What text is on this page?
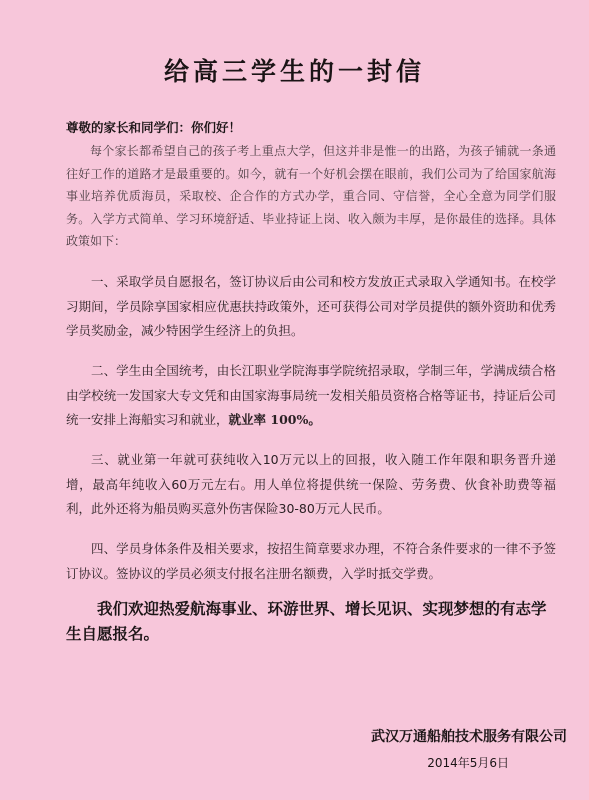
给高三学生的一封信
尊敬的家长和同学们：你们好！

每个家长都希望自己的孩子考上重点大学，但这并非是惟一的出路，为孩子铺就一条通往好工作的道路才是最重要的。如今，就有一个好机会摆在眼前，我们公司为了给国家航海事业培养优质海员，采取校、企合作的方式办学，重合同、守信誉，全心全意为同学们服务。入学方式简单、学习环境舒适、毕业持证上岗、收入颇为丰厚，是你最佳的选择。具体政策如下：

一、采取学员自愿报名，签订协议后由公司和校方发放正式录取入学通知书。在校学习期间，学员除享国家相应优惠扶持政策外，还可获得公司对学员提供的额外资助和优秀学员奖励金，减少特困学生经济上的负担。

二、学生由全国统考，由长江职业学院海事学院统招录取，学制三年，学满成绩合格由学校统一发国家大专文凭和由国家海事局统一发相关船员资格合格等证书，持证后公司统一安排上海船实习和就业，就业率 100%。

三、就业第一年就可获纯收入10万元以上的回报，收入随工作年限和职务晋升递增，最高年纯收入60万元左右。用人单位将提供统一保险、劳务费、伙食补助费等福利，此外还将为船员购买意外伤害保险30-80万元人民币。

四、学员身体条件及相关要求，按招生简章要求办理，不符合条件要求的一律不予签订协议。签协议的学员必须支付报名注册名额费，入学时抵交学费。

我们欢迎热爱航海事业、环游世界、增长见识、实现梦想的有志学生自愿报名。

武汉万通船舶技术服务有限公司
2014年5月6日
